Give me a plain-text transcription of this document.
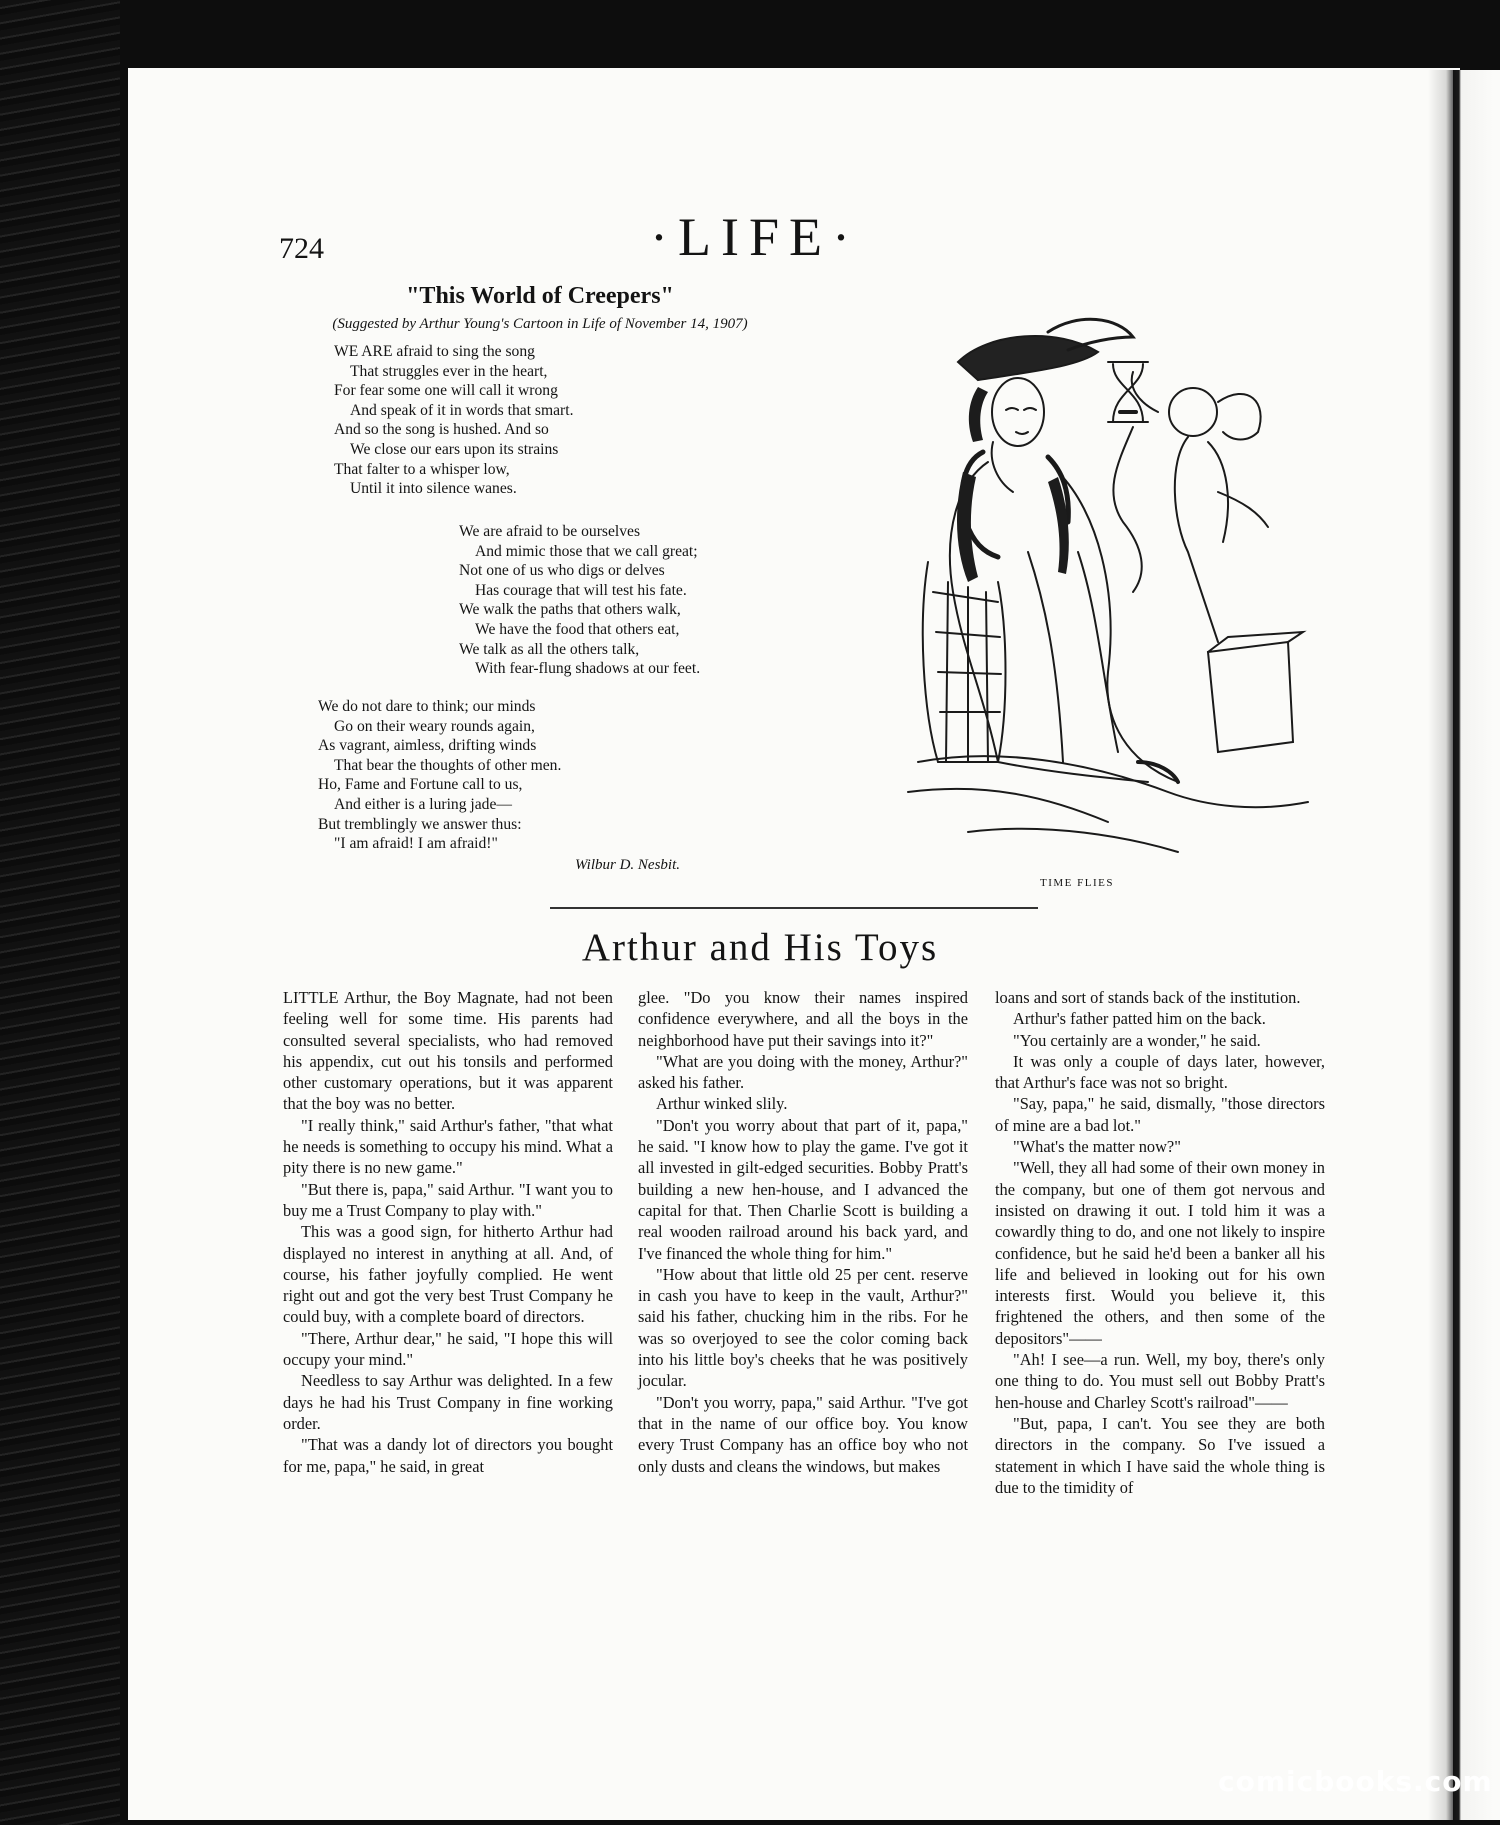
724	·LIFE·
"This World of Creepers"
(Suggested by Arthur Young's Cartoon in Life of November 14, 1907)
WE ARE afraid to sing the song
That struggles ever in the heart,
For fear some one will call it wrong
And speak of it in words that smart.
And so the song is hushed. And so
We close our ears upon its strains
That falter to a whisper low,
Until it into silence wanes.
We are afraid to be ourselves
And mimic those that we call great;
Not one of us who digs or delves
Has courage that will test his fate.
We walk the paths that others walk,
We have the food that others eat,
We talk as all the others talk,
With fear-flung shadows at our feet.
We do not dare to think; our minds
Go on their weary rounds again,
As vagrant, aimless, drifting winds
That bear the thoughts of other men.
Ho, Fame and Fortune call to us,
And either is a luring jade—
But tremblingly we answer thus:
"I am afraid! I am afraid!"
Wilbur D. Nesbit.
TIME FLIES
Arthur and His Toys

LITTLE Arthur, the Boy Magnate, had not been feeling well for some time. His parents had consulted several specialists, who had removed his appendix, cut out his tonsils and performed other customary operations, but it was apparent that the boy was no better.

"I really think," said Arthur's father, "that what he needs is something to occupy his mind. What a pity there is no new game."

"But there is, papa," said Arthur. "I want you to buy me a Trust Company to play with."

This was a good sign, for hitherto Arthur had displayed no interest in anything at all. And, of course, his father joyfully complied. He went right out and got the very best Trust Company he could buy, with a complete board of directors.

"There, Arthur dear," he said, "I hope this will occupy your mind."

Needless to say Arthur was delighted. In a few days he had his Trust Company in fine working order.

"That was a dandy lot of directors you bought for me, papa," he said, in great

glee. "Do you know their names inspired confidence everywhere, and all the boys in the neighborhood have put their savings into it?"

"What are you doing with the money, Arthur?" asked his father.

Arthur winked slily.

"Don't you worry about that part of it, papa," he said. "I know how to play the game. I've got it all invested in gilt-edged securities. Bobby Pratt's building a new hen-house, and I advanced the capital for that. Then Charlie Scott is building a real wooden railroad around his back yard, and I've financed the whole thing for him."

"How about that little old 25 per cent. reserve in cash you have to keep in the vault, Arthur?" said his father, chucking him in the ribs. For he was so overjoyed to see the color coming back into his little boy's cheeks that he was positively jocular.

"Don't you worry, papa," said Arthur. "I've got that in the name of our office boy. You know every Trust Company has an office boy who not only dusts and cleans the windows, but makes

loans and sort of stands back of the institution.

Arthur's father patted him on the back.

"You certainly are a wonder," he said.

It was only a couple of days later, however, that Arthur's face was not so bright.

"Say, papa," he said, dismally, "those directors of mine are a bad lot."

"What's the matter now?"

"Well, they all had some of their own money in the company, but one of them got nervous and insisted on drawing it out. I told him it was a cowardly thing to do, and one not likely to inspire confidence, but he said he'd been a banker all his life and believed in looking out for his own interests first. Would you believe it, this frightened the others, and then some of the depositors"——

"Ah! I see—a run. Well, my boy, there's only one thing to do. You must sell out Bobby Pratt's hen-house and Charley Scott's railroad"——

"But, papa, I can't. You see they are both directors in the company. So I've issued a statement in which I have said the whole thing is due to the timidity of

comicbooks.com
